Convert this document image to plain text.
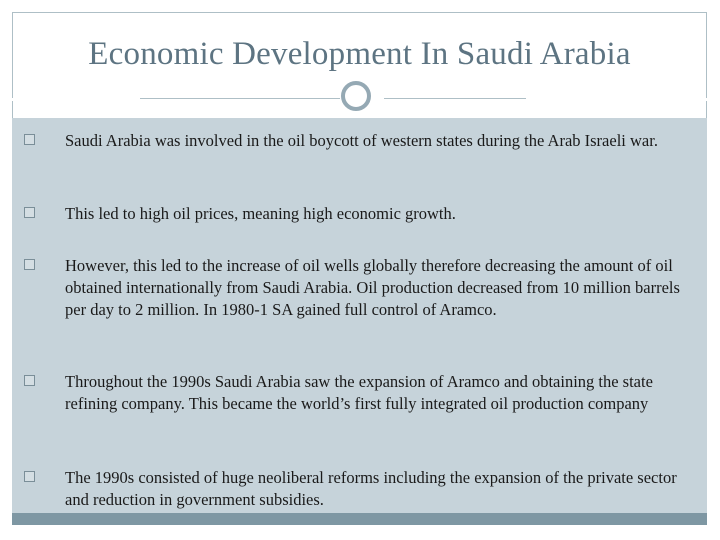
Economic Development In Saudi Arabia
Saudi Arabia was involved in the oil boycott of western states during the Arab Israeli war.
This led to high oil prices, meaning high economic growth.
However, this led to the increase of oil wells globally therefore decreasing the amount of oil obtained internationally from Saudi Arabia. Oil production decreased from 10 million barrels per day to 2 million. In 1980-1 SA gained full control of Aramco.
Throughout the 1990s Saudi Arabia saw the expansion of Aramco and obtaining the state refining company. This became the world’s first fully integrated oil production company
The 1990s consisted of huge neoliberal reforms including the expansion of the private sector and reduction in government subsidies.
